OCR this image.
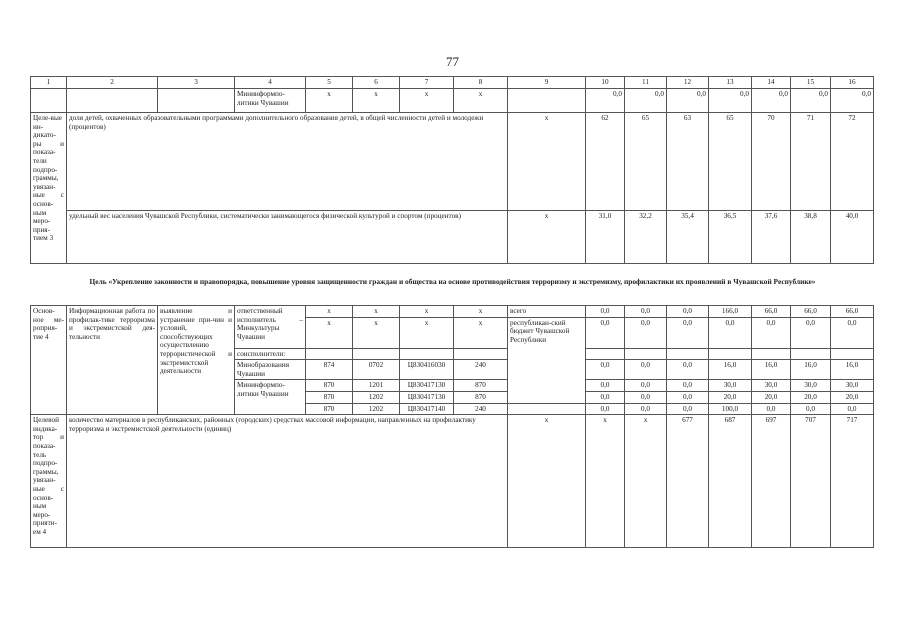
77
1	2	3	4	5	6	7	8	9	10	11	12	13	14	15	16
			Мининформпо-литики Чувашии	x	x	x	x		0,0	0,0	0,0	0,0	0,0	0,0	0,0
Целе-вые ин-дикато-ры и показа-тели подпро-граммы, увязан-ные с основ-ным меро-прия-тием 3	доля детей, охваченных образовательными программами дополнительного образования детей, в общей численности детей и молодежи (процентов)							x	62	65	63	65	70	71	72
	удельный вес населения Чувашской Республики, систематически занимающегося физической культурой и спортом (процентов)							x	31,0	32,2	35,4	36,5	37,6	38,8	40,0
Цель «Укрепление законности и правопорядка, повышение уровня защищенности граждан и общества на основе противодействия терроризму и экстремизму, профилактики их проявлений в Чувашской Республике»
Основ-ное ме-роприя-тие 4	Информационная работа по профилак-тике терроризма и экстремистской дея-тельности	выявление и устранение при-чин и условий, способствующих осуществлению террористической и экстремистской деятельности	ответственный исполнитель – Минкультуры Чувашии	x	x	x	x	всего	0,0	0,0	0,0	166,0	66,0	66,0	66,0
				x	x	x	x	республикан-ский бюджет Чувашской Республики	0,0	0,0	0,0	0,0	0,0	0,0	0,0
			соисполнители:												
			Минобразования Чувашии	874	0702	Ц830416030	240		0,0	0,0	0,0	16,0	16,0	16,0	16,0
			Мининформпо-литики Чувашии	870	1201	Ц830417130	870		0,0	0,0	0,0	30,0	30,0	30,0	30,0
				870	1202	Ц830417130	870		0,0	0,0	0,0	20,0	20,0	20,0	20,0
				870	1202	Ц830417140	240		0,0	0,0	0,0	100,0	0,0	0,0	0,0
Целевой индика-тор и показа-тель подпро-граммы, увязан-ные с основ-ным меро-прияти-ем 4	количество материалов в республиканских, районных (городских) средствах массовой информации, направленных на профилактику терроризма и экстремистской деятельности (единиц)							x	x	x	677	687	697	707	717
